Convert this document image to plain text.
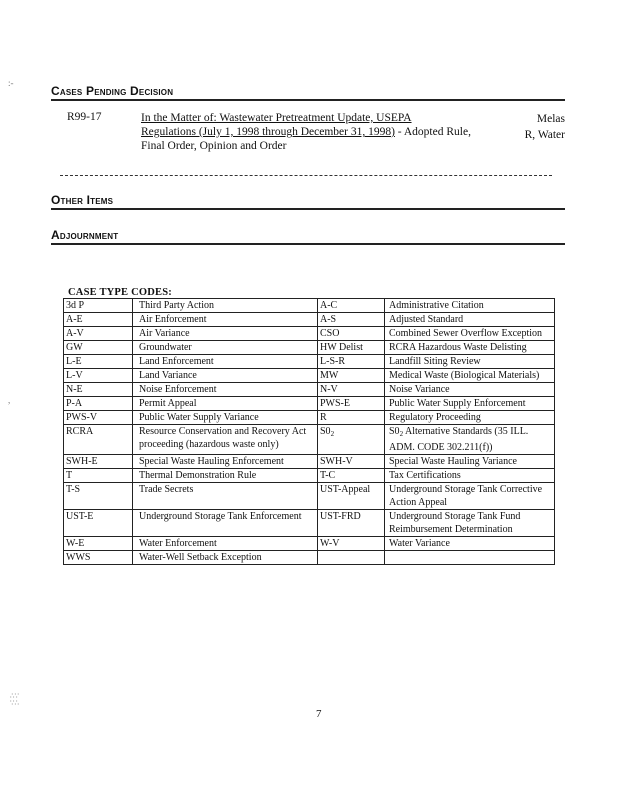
Cases Pending Decision
R99-17	In the Matter of: Wastewater Pretreatment Update, USEPA
Regulations (July 1, 1998 through December 31, 1998) - Adopted Rule, Final Order, Opinion and Order
Melas
R, Water
Other Items
Adjournment
CASE TYPE CODES:
3d P	Third Party Action	A-C	Administrative Citation
A-E	Air Enforcement	A-S	Adjusted Standard
A-V	Air Variance	CSO	Combined Sewer Overflow Exception
GW	Groundwater	HW Delist	RCRA Hazardous Waste Delisting
L-E	Land Enforcement	L-S-R	Landfill Siting Review
L-V	Land Variance	MW	Medical Waste (Biological Materials)
N-E	Noise Enforcement	N-V	Noise Variance
P-A	Permit Appeal	PWS-E	Public Water Supply Enforcement
PWS-V	Public Water Supply Variance	R	Regulatory Proceeding
RCRA	Resource Conservation and Recovery Act proceeding (hazardous waste only)	$S0_2$	$S0_2$ Alternative Standards (35 ILL. ADM. CODE 302.211(f))
SWH-E	Special Waste Hauling Enforcement	SWH-V	Special Waste Hauling Variance
T	Thermal Demonstration Rule	T-C	Tax Certifications
T-S	Trade Secrets	UST-Appeal	Underground Storage Tank Corrective Action Appeal
UST-E	Underground Storage Tank Enforcement	UST-FRD	Underground Storage Tank Fund Reimbursement Determination
W-E	Water Enforcement	W-V	Water Variance
WWS	Water-Well Setback Exception		
7
:-
,
∴∵
∵∴
